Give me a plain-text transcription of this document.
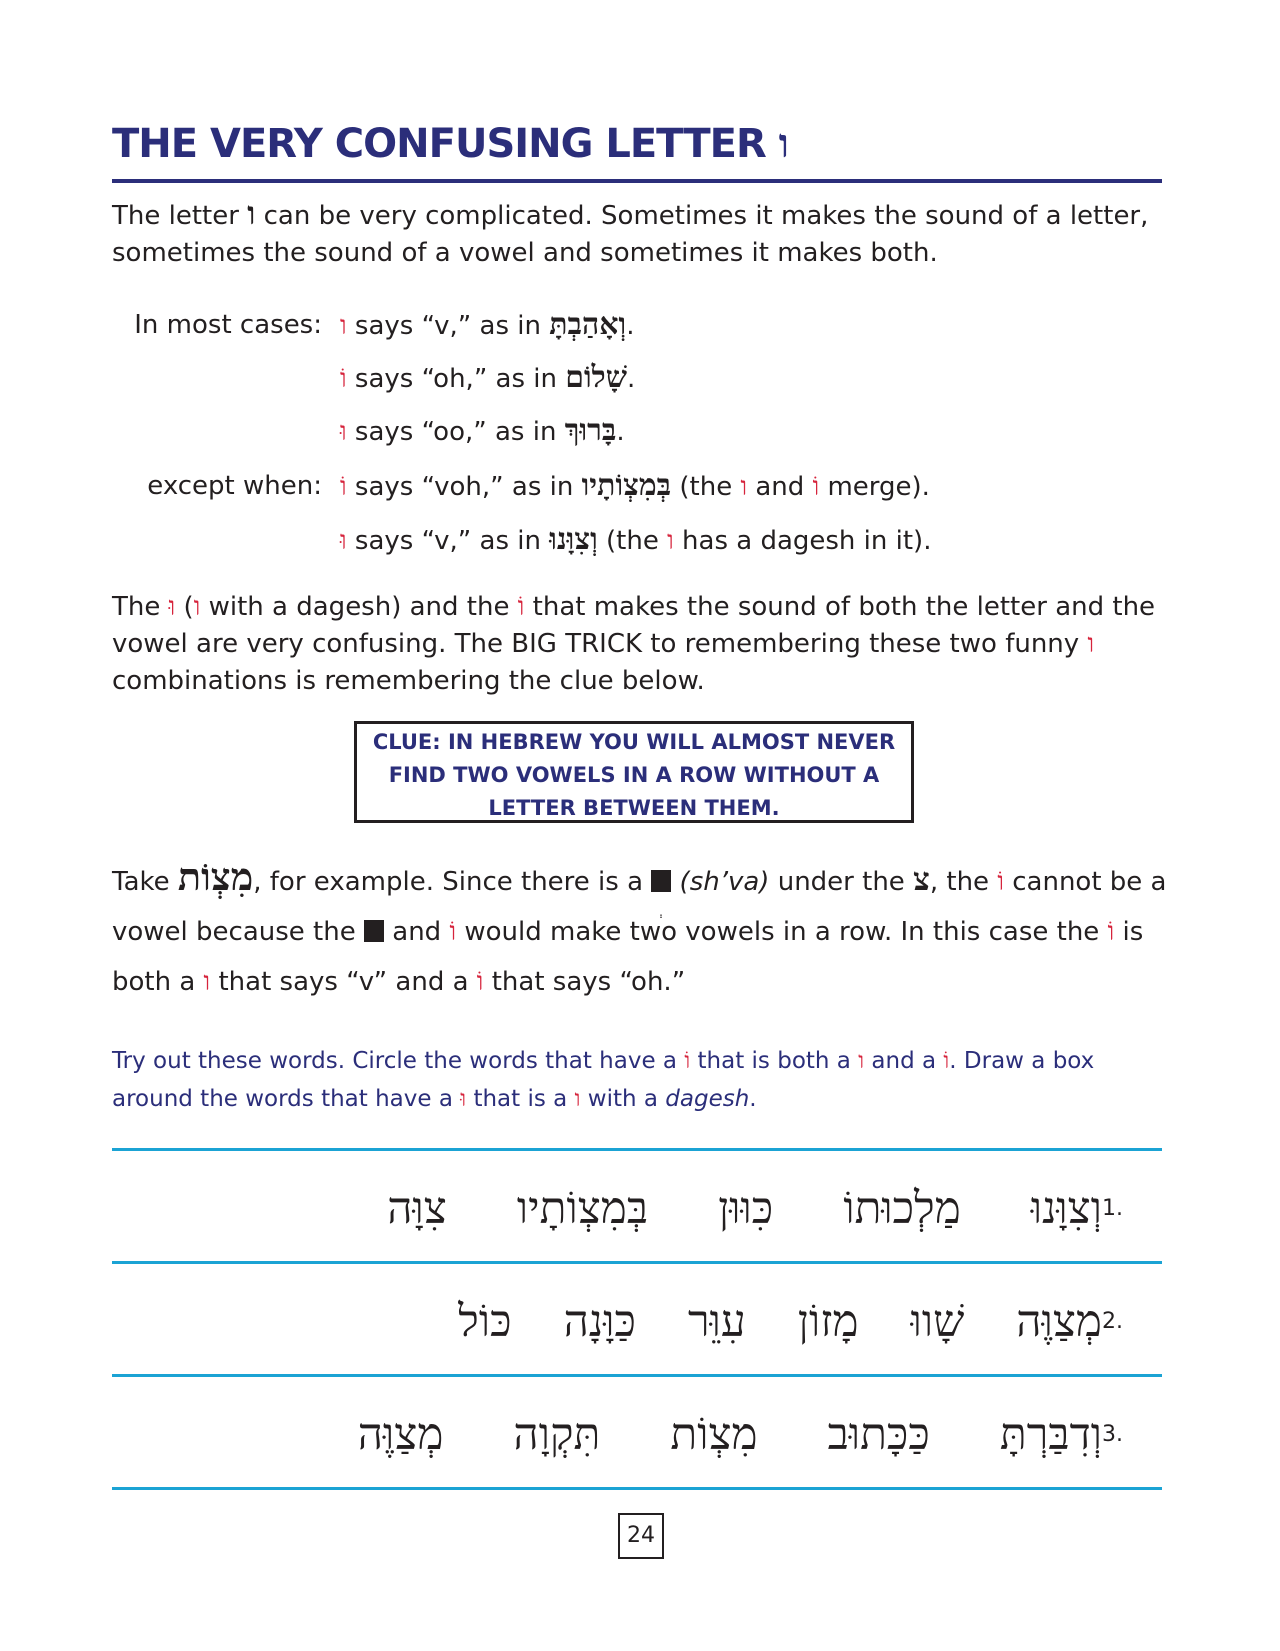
THE VERY CONFUSING LETTER ו

The letter ו can be very complicated. Sometimes it makes the sound of a letter, sometimes the sound of a vowel and sometimes it makes both.

In most cases: ו says “v,” as in וְאָהַבְתָּ.
וֹ says “oh,” as in שָׁלוֹם.
וּ says “oo,” as in בָּרוּךְ.
except when: וֹ says “voh,” as in בְּמִצְוֹתָיו (the ו and וֹ merge).
וּ says “v,” as in וְצִוָּנוּ (the ו has a dagesh in it).

The וּ (ו with a dagesh) and the וֹ that makes the sound of both the letter and the vowel are very confusing. The BIG TRICK to remembering these two funny ו combinations is remembering the clue below.

CLUE: IN HEBREW YOU WILL ALMOST NEVER
FIND TWO VOWELS IN A ROW WITHOUT A
LETTER BETWEEN THEM.

Take מִצְוֹת, for example. Since there is a ְ (sh’va) under the צ, the וֹ cannot be a vowel because the and וֹ would make two vowels in a row. In this case the וֹ is both a ו that says “v” and a וֹ that says “oh.”

Try out these words. Circle the words that have a וֹ that is both a ו and a וֹ. Draw a box around the words that have a וּ that is a ו with a dagesh.

1.
וְצִוָּנוּ
מַלְכוּתוֹ
כִּוּוּן
בְּמִצְוֹתָיו
צִוָּה
2.
מְצַוֶּה
שָׁווּ
מָזוֹן
עִוֵּר
כַּוָּנָה
כּוֹל
3.
וְדִבַּרְתָּ
כַּכָּתוּב
מִצְוֹת
תִּקְוָה
מְצַוֶּה
24
